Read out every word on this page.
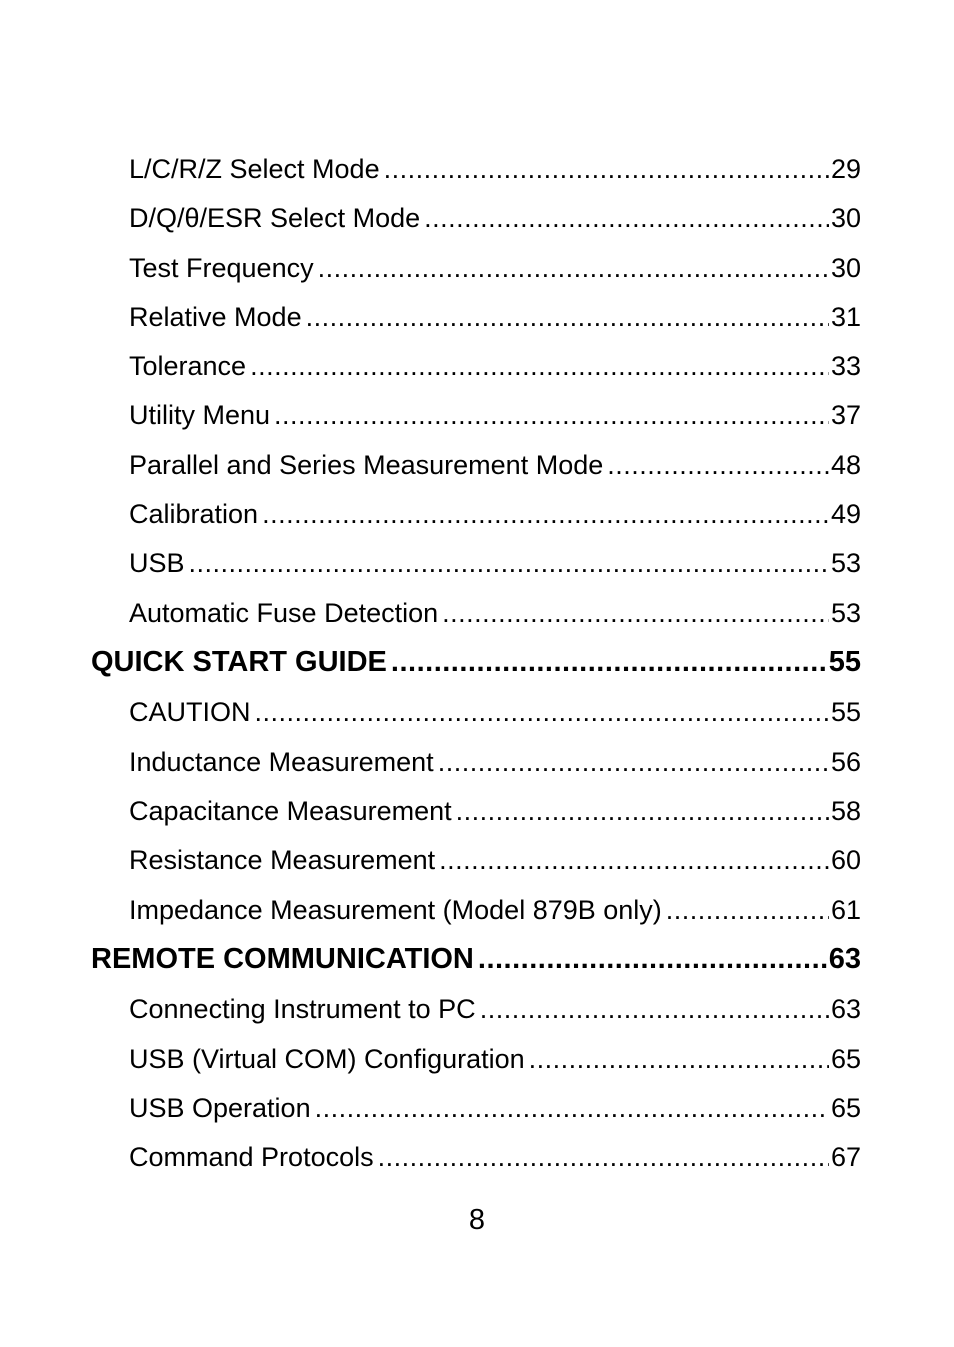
L/C/R/Z Select Mode .....	29
D/Q/θ/ESR Select Mode .....	30
Test Frequency .....	30
Relative Mode .....	31
Tolerance .....	33
Utility Menu .....	37
Parallel and Series Measurement Mode .....	48
Calibration .....	49
USB .....	53
Automatic Fuse Detection .....	53
QUICK START GUIDE .....	55
CAUTION .....	55
Inductance Measurement .....	56
Capacitance Measurement .....	58
Resistance Measurement .....	60
Impedance Measurement (Model 879B only) .....	61
REMOTE COMMUNICATION .....	63
Connecting Instrument to PC .....	63
USB (Virtual COM) Configuration .....	65
USB Operation .....	65
Command Protocols .....	67
8
